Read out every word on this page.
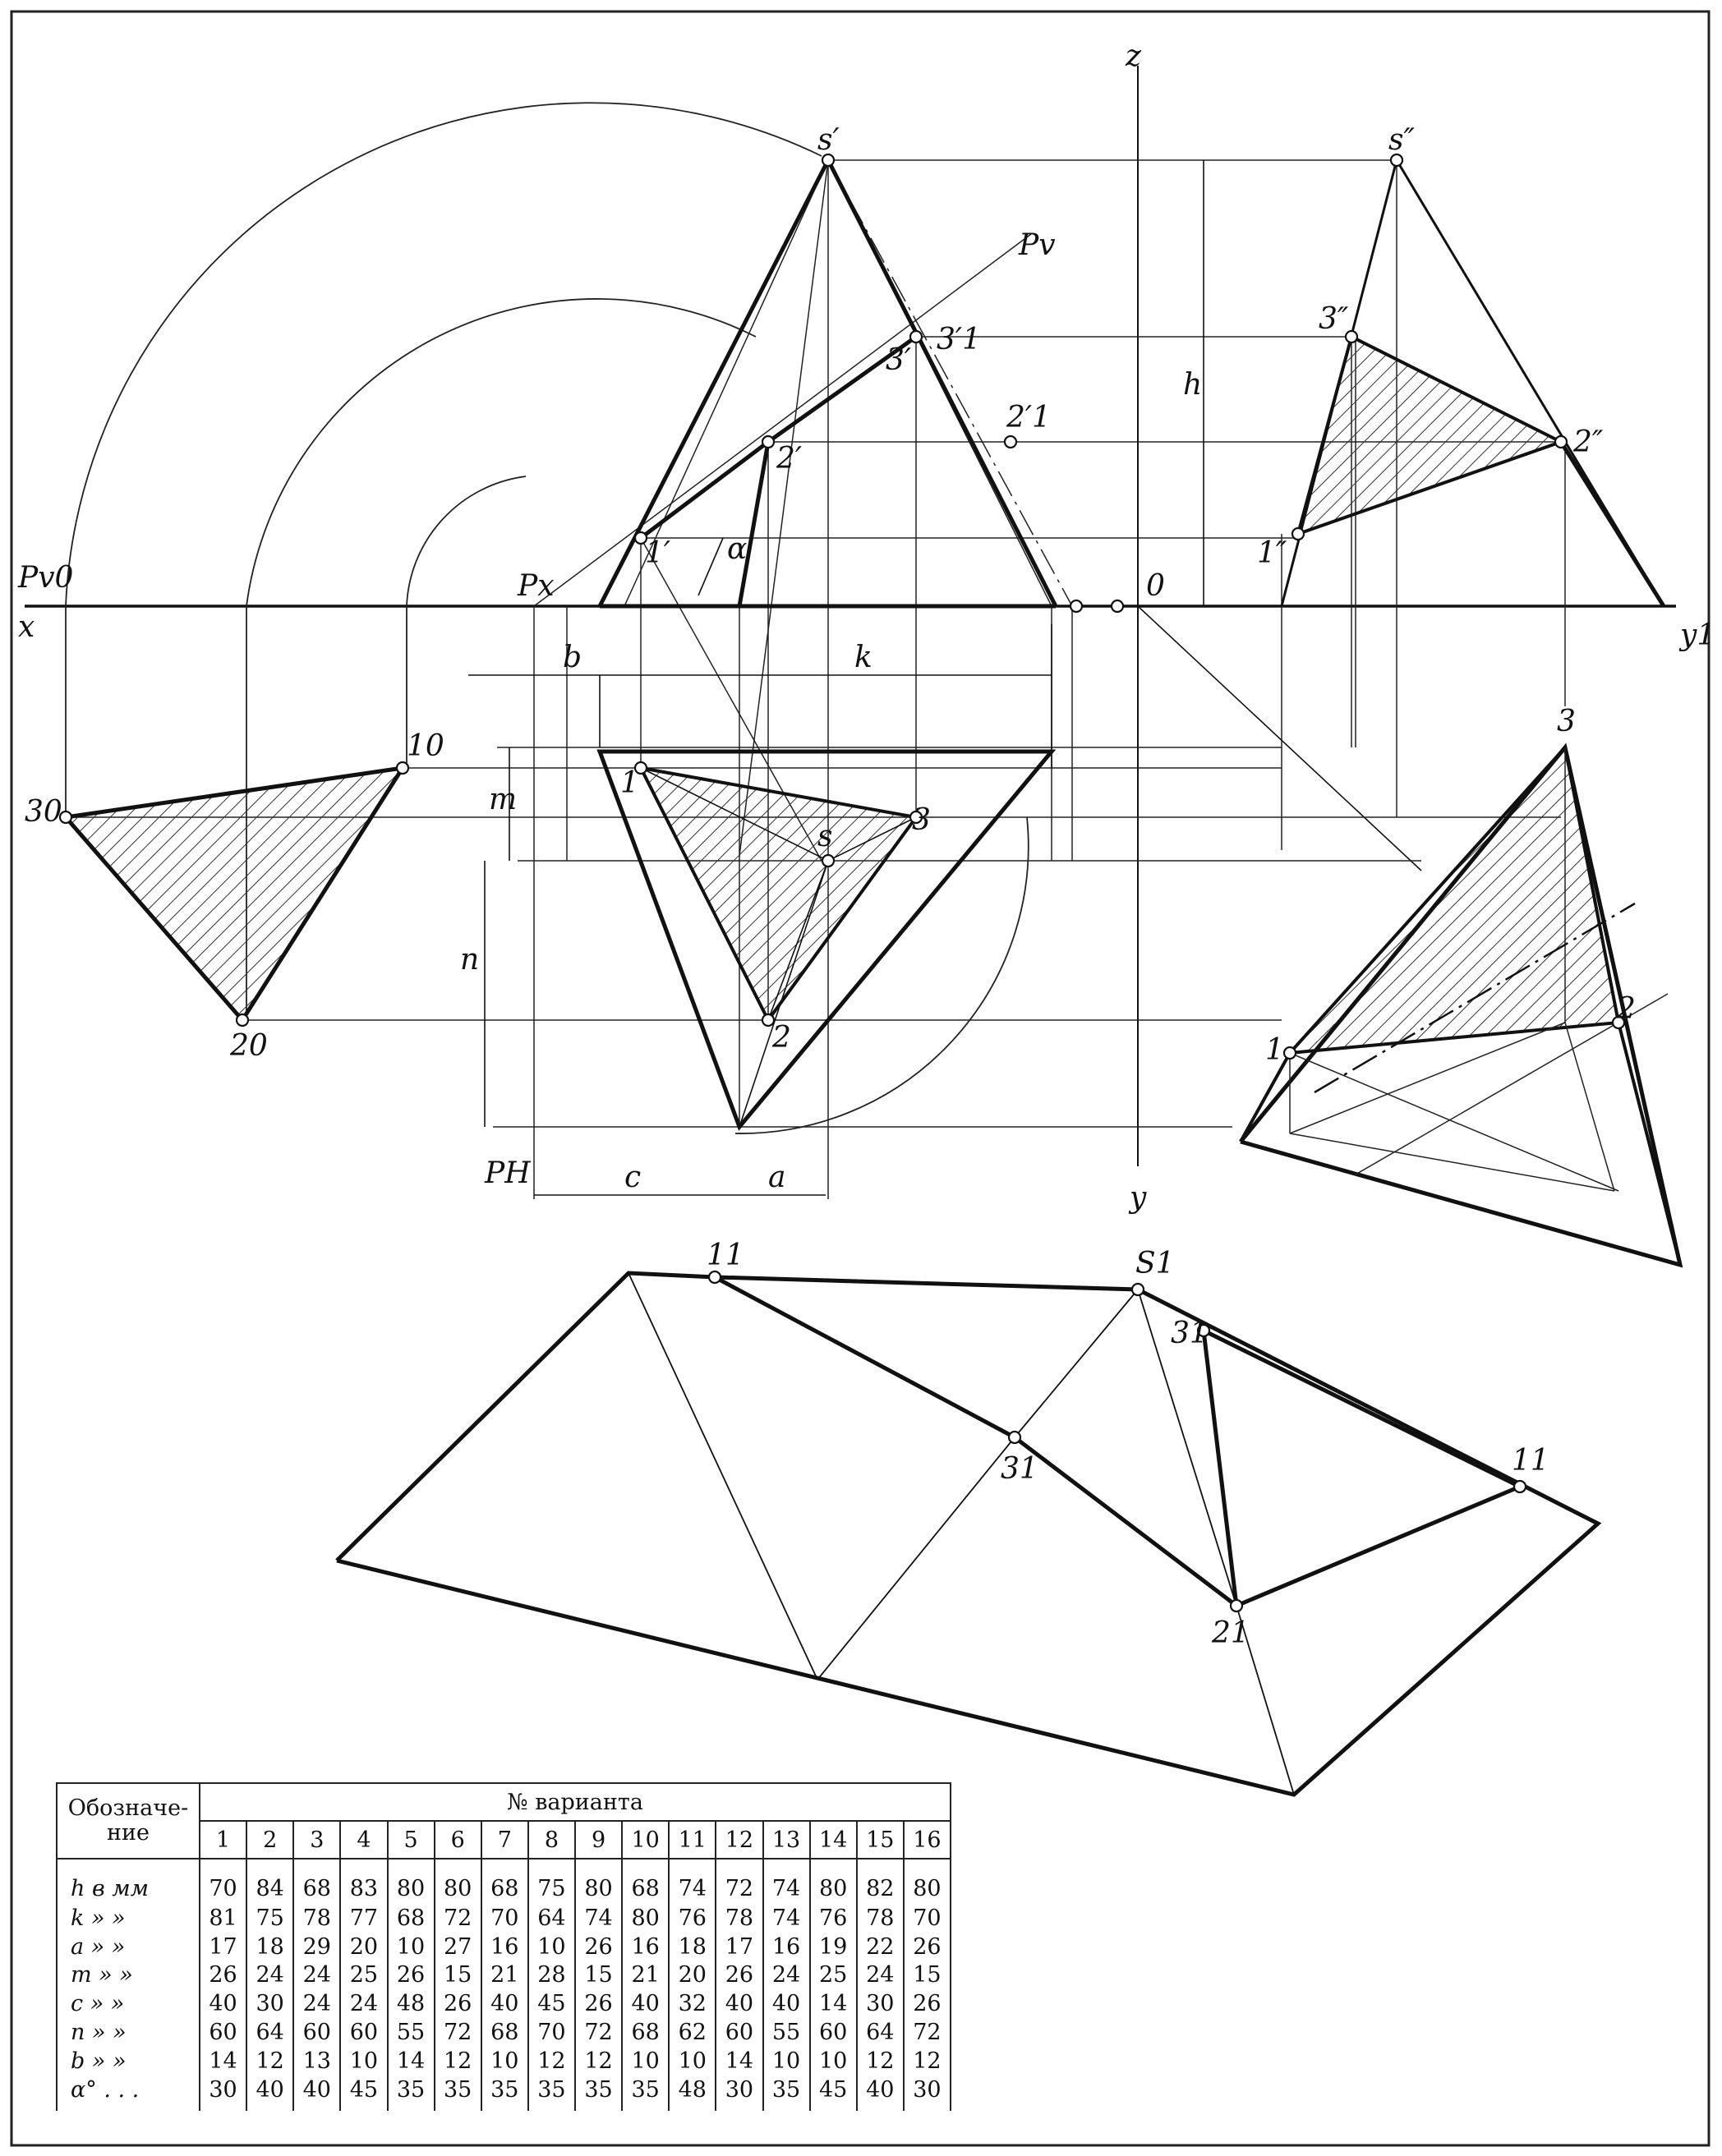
s′	s″
z
Pv
3′
3′1
2′1
2′
1′ α
3″
2″
1″
h
Pv0
x
Px	0
y1
b	k
m
10
30
1
3
s
3
n
2
20	1
2
PH	c	a
y
11	S1
31
31	11
21
Обозначе-ние	№ варианта															
	1	2	3	4	5	6	7	8	9	10	11	12	13	14	15	16
h в мм	70	84	68	83	80	80	68	75	80	68	74	72	74	80	82	80
k » »	81	75	78	77	68	72	70	64	74	80	76	78	74	76	78	70
a » »	17	18	29	20	10	27	16	10	26	16	18	17	16	19	22	26
m » »	26	24	24	25	26	15	21	28	15	21	20	26	24	25	24	15
c » »	40	30	24	24	48	26	40	45	26	40	32	40	40	14	30	26
n » »	60	64	60	60	55	72	68	70	72	68	62	60	55	60	64	72
b » »	14	12	13	10	14	12	10	12	12	10	10	14	10	10	12	12
α° . . .	30	40	40	45	35	35	35	35	35	35	48	30	35	45	40	30
